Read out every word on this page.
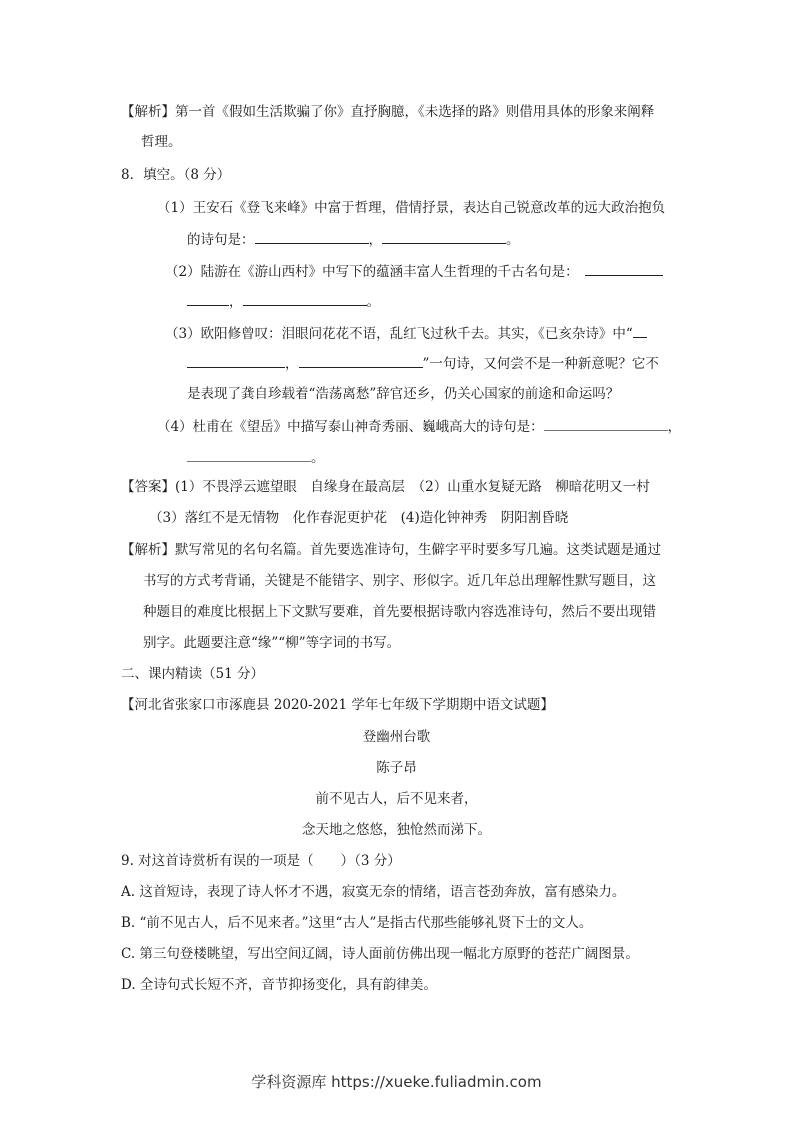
【解析】第一首《假如生活欺骗了你》直抒胸臆，《未选择的路》则借用具体的形象来阐释
哲理。
8．填空。（8 分）
（1）王安石《登飞来峰》中富于哲理，借情抒景，表达自己锐意改革的远大政治抱负
的诗句是：	，	。
（2）陆游在《游山西村》中写下的蕴涵丰富人生哲理的千古名句是：
，	。
（3）欧阳修曾叹：泪眼问花花不语，乱红飞过秋千去。其实，《已亥杂诗》中“
，	”一句诗，又何尝不是一种新意呢？它不
是表现了龚自珍载着“浩荡离愁”辞官还乡，仍关心国家的前途和命运吗？
（4）杜甫在《望岳》中描写泰山神奇秀丽、巍峨高大的诗句是：	，
。
【答案】(1）不畏浮云遮望眼　自缘身在最高层　（2）山重水复疑无路　柳暗花明又一村
（3）落红不是无情物　化作春泥更护花　(4)造化钟神秀　阴阳割昏晓
【解析】默写常见的名句名篇。首先要选准诗句，生僻字平时要多写几遍。这类试题是通过
书写的方式考背诵，关键是不能错字、别字、形似字。近几年总出理解性默写题目，这
种题目的难度比根据上下文默写要难，首先要根据诗歌内容选准诗句，然后不要出现错
别字。此题要注意“缘”“柳”等字词的书写。
二、课内精读（51 分）
【河北省张家口市涿鹿县 2020-2021 学年七年级下学期期中语文试题】
登幽州台歌
陈子昂
前不见古人，后不见来者，
念天地之悠悠，独怆然而涕下。
9. 对这首诗赏析有误的一项是（　　）（3 分）
A. 这首短诗，表现了诗人怀才不遇，寂寞无奈的情绪，语言苍劲奔放，富有感染力。
B. “前不见古人，后不见来者。”这里“古人”是指古代那些能够礼贤下士的文人。
C. 第三句登楼眺望，写出空间辽阔，诗人面前仿佛出现一幅北方原野的苍茫广阔图景。
D. 全诗句式长短不齐，音节抑扬变化，具有韵律美。
学科资源库 https://xueke.fuliadmin.com
